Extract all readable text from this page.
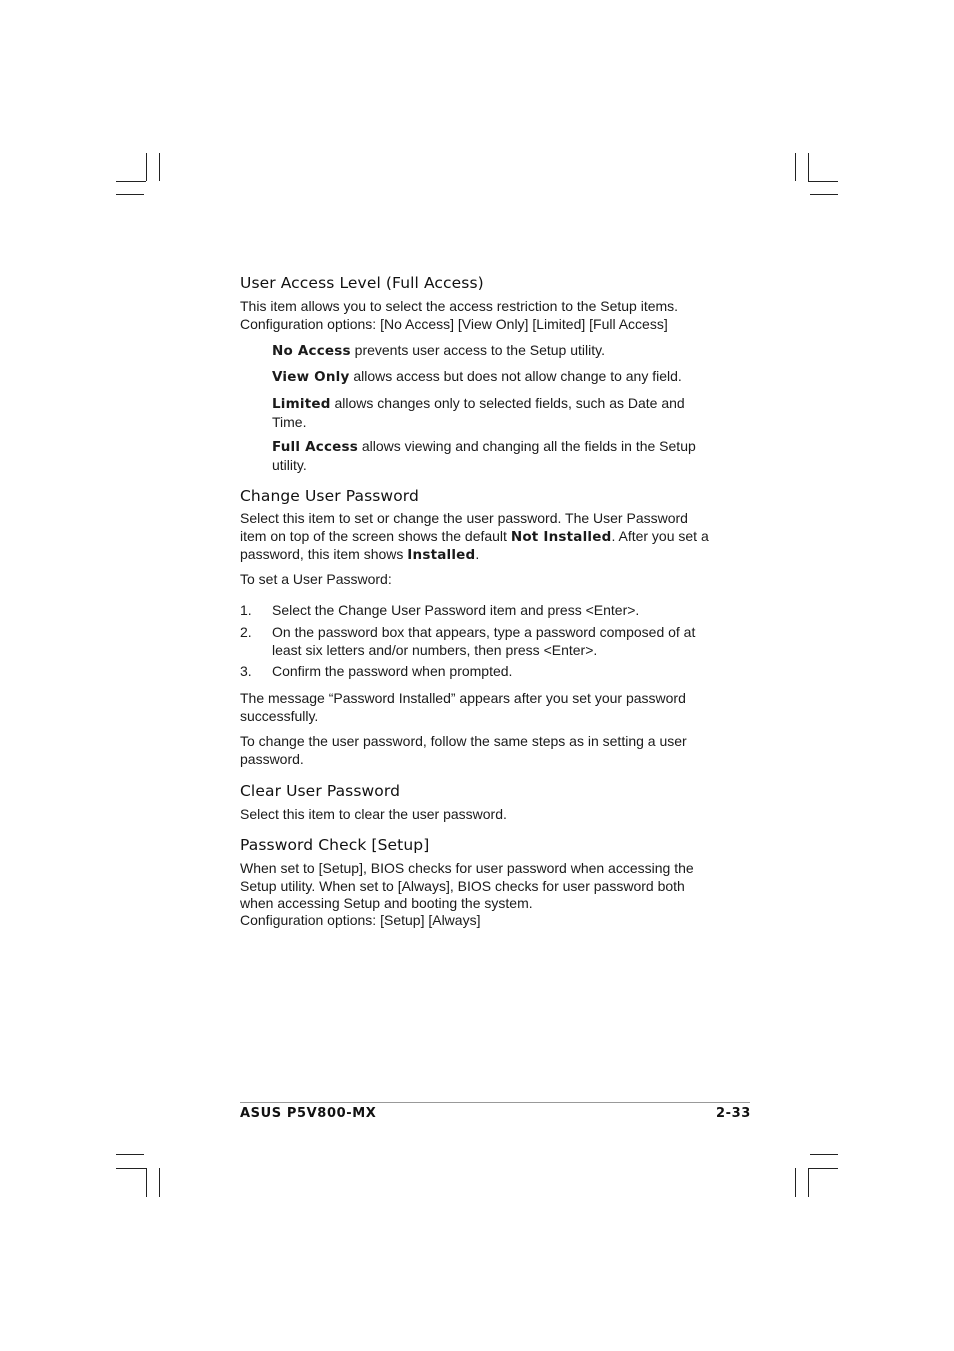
User Access Level (Full Access)

This item allows you to select the access restriction to the Setup items.

Configuration options: [No Access] [View Only] [Limited] [Full Access]

No Access prevents user access to the Setup utility.

View Only allows access but does not allow change to any field.

Limited allows changes only to selected fields, such as Date and Time.

Full Access allows viewing and changing all the fields in the Setup utility.

Change User Password

Select this item to set or change the user password. The User Password item on top of the screen shows the default Not Installed. After you set a password, this item shows Installed.

To set a User Password:

1. Select the Change User Password item and press <Enter>.
2. On the password box that appears, type a password composed of at least six letters and/or numbers, then press <Enter>.
3. Confirm the password when prompted.

The message “Password Installed” appears after you set your password successfully.

To change the user password, follow the same steps as in setting a user password.

Clear User Password

Select this item to clear the user password.

Password Check [Setup]

When set to [Setup], BIOS checks for user password when accessing the Setup utility. When set to [Always], BIOS checks for user password both when accessing Setup and booting the system.

Configuration options: [Setup] [Always]

ASUS P5V800-MX	2-33
